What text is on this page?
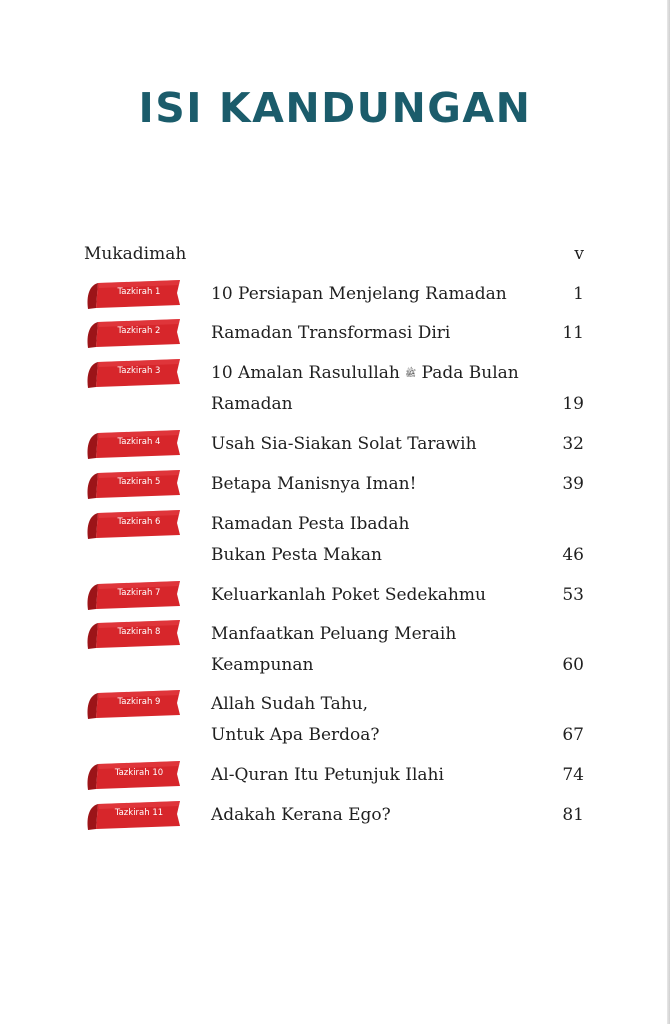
ISI KANDUNGAN
Mukadimah	v
Tazkirah 1	10 Persiapan Menjelang Ramadan	1
Tazkirah 2	Ramadan Transformasi Diri	11
Tazkirah 3	10 Amalan Rasulullah ﷺ Pada Bulan
Ramadan	19
Tazkirah 4	Usah Sia-Siakan Solat Tarawih	32
Tazkirah 5	Betapa Manisnya Iman!	39
Tazkirah 6	Ramadan Pesta Ibadah
Bukan Pesta Makan	46
Tazkirah 7	Keluarkanlah Poket Sedekahmu	53
Tazkirah 8	Manfaatkan Peluang Meraih
Keampunan	60
Tazkirah 9	Allah Sudah Tahu,
Untuk Apa Berdoa?	67
Tazkirah 10	Al-Quran Itu Petunjuk Ilahi	74
Tazkirah 11	Adakah Kerana Ego?	81
